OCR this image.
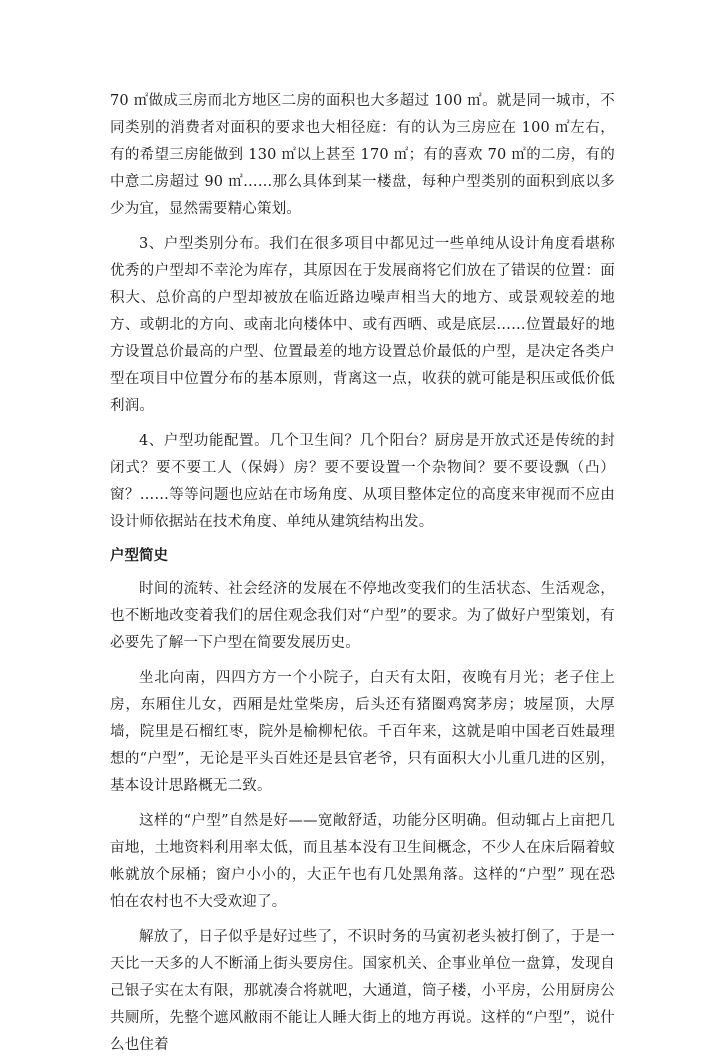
70 ㎡做成三房而北方地区二房的面积也大多超过 100 ㎡。就是同一城市，不同类别的消费者对面积的要求也大相径庭：有的认为三房应在 100 ㎡左右，有的希望三房能做到 130 ㎡以上甚至 170 ㎡；有的喜欢 70 ㎡的二房，有的中意二房超过 90 ㎡……那么具体到某一楼盘，每种户型类别的面积到底以多少为宜，显然需要精心策划。

3、户型类别分布。我们在很多项目中都见过一些单纯从设计角度看堪称优秀的户型却不幸沦为库存，其原因在于发展商将它们放在了错误的位置：面积大、总价高的户型却被放在临近路边噪声相当大的地方、或景观较差的地方、或朝北的方向、或南北向楼体中、或有西晒、或是底层……位置最好的地方设置总价最高的户型、位置最差的地方设置总价最低的户型，是决定各类户型在项目中位置分布的基本原则，背离这一点，收获的就可能是积压或低价低利润。

4、户型功能配置。几个卫生间？几个阳台？厨房是开放式还是传统的封闭式？要不要工人（保姆）房？要不要设置一个杂物间？要不要设飘（凸）窗？……等等问题也应站在市场角度、从项目整体定位的高度来审视而不应由设计师依据站在技术角度、单纯从建筑结构出发。

户型简史

时间的流转、社会经济的发展在不停地改变我们的生活状态、生活观念，也不断地改变着我们的居住观念我们对“户型”的要求。为了做好户型策划，有必要先了解一下户型在简要发展历史。

坐北向南，四四方方一个小院子，白天有太阳，夜晚有月光；老子住上房，东厢住儿女，西厢是灶堂柴房，后头还有猪圈鸡窝茅房；坡屋顶，大厚墙，院里是石榴红枣，院外是榆柳杞依。千百年来，这就是咱中国老百姓最理想的“户型”，无论是平头百姓还是县官老爷，只有面积大小儿重几进的区别，基本设计思路概无二致。

这样的“户型”自然是好——宽敞舒适，功能分区明确。但动辄占上亩把几亩地，土地资料利用率太低，而且基本没有卫生间概念，不少人在床后隔着蚊帐就放个尿桶；窗户小小的，大正午也有几处黑角落。这样的“户型” 现在恐怕在农村也不大受欢迎了。

解放了，日子似乎是好过些了，不识时务的马寅初老头被打倒了，于是一天比一天多的人不断涌上街头要房住。国家机关、企事业单位一盘算，发现自己银子实在太有限，那就凑合将就吧，大通道，筒子楼，小平房，公用厨房公共厕所，先整个遮风敝雨不能让人睡大街上的地方再说。这样的“户型”，说什么也住着
